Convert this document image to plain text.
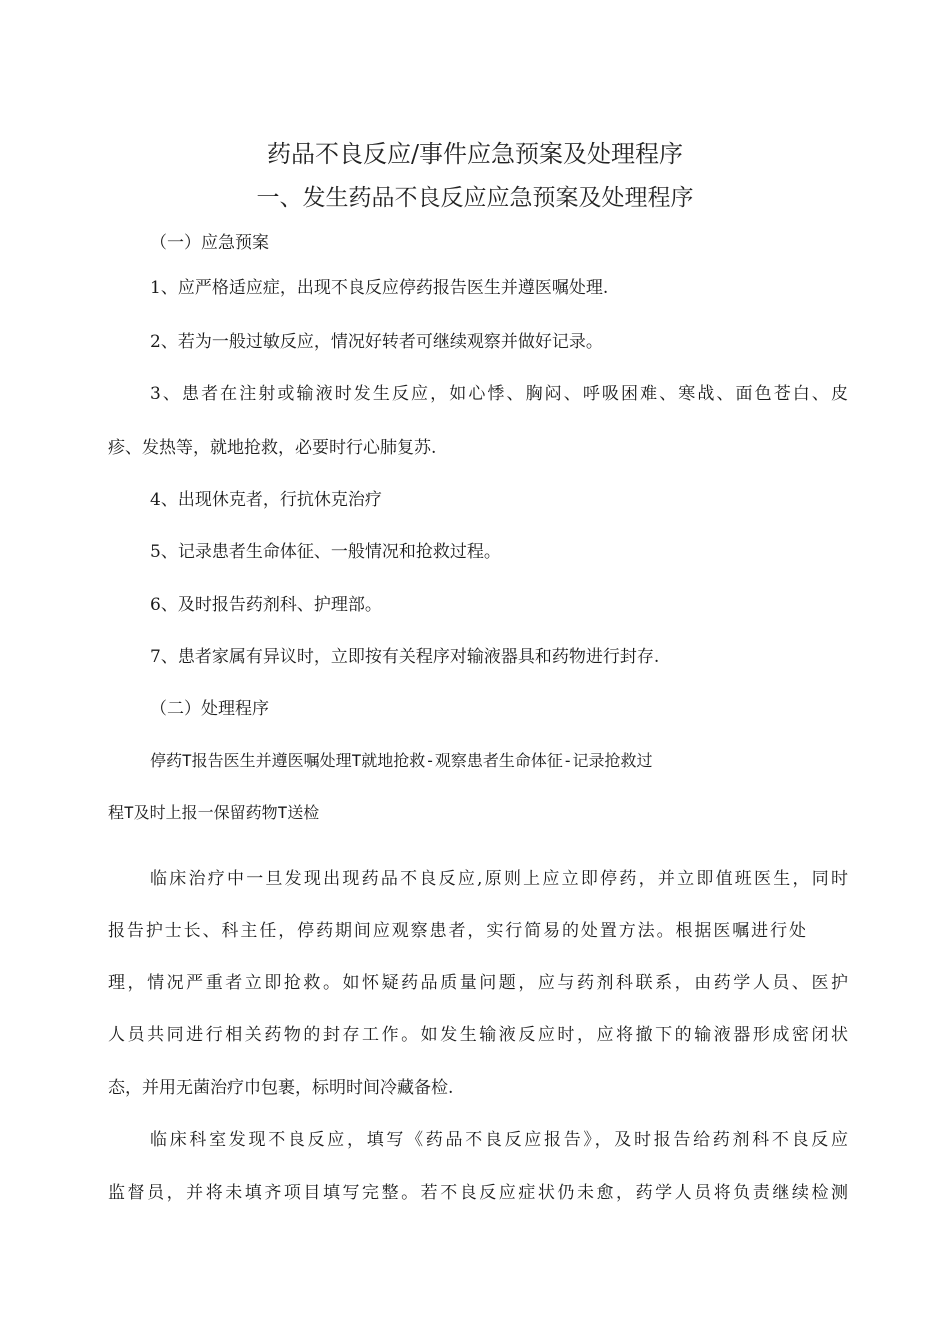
药品不良反应/事件应急预案及处理程序
一、发生药品不良反应应急预案及处理程序
（一）应急预案
1、应严格适应症，出现不良反应停药报告医生并遵医嘱处理.
2、若为一般过敏反应，情况好转者可继续观察并做好记录。
3、患者在注射或输液时发生反应，如心悸、胸闷、呼吸困难、寒战、面色苍白、皮
疹、发热等，就地抢救，必要时行心肺复苏.
4、出现休克者，行抗休克治疗
5、记录患者生命体征、一般情况和抢救过程。
6、及时报告药剂科、护理部。
7、患者家属有异议时，立即按有关程序对输液器具和药物进行封存.
（二）处理程序
停药T报告医生并遵医嘱处理T就地抢救-观察患者生命体征-记录抢救过
程T及时上报一保留药物T送检
临床治疗中一旦发现出现药品不良反应,原则上应立即停药，并立即值班医生，同时
报告护士长、科主任，停药期间应观察患者，实行简易的处置方法。根据医嘱进行处
理，情况严重者立即抢救。如怀疑药品质量问题，应与药剂科联系，由药学人员、医护
人员共同进行相关药物的封存工作。如发生输液反应时，应将撤下的输液器形成密闭状
态，并用无菌治疗巾包裹，标明时间冷藏备检.
临床科室发现不良反应，填写《药品不良反应报告》，及时报告给药剂科不良反应
监督员，并将未填齐项目填写完整。若不良反应症状仍未愈，药学人员将负责继续检测
